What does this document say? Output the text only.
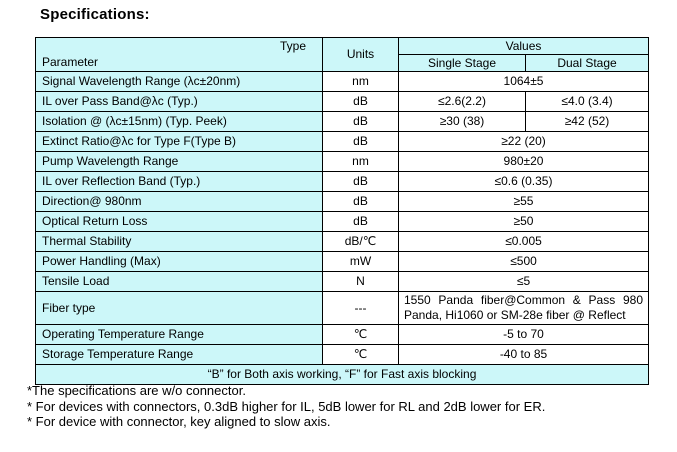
Specifications:
Type
Parameter	Units	Values	
		Single Stage	Dual Stage
Signal Wavelength Range (λc±20nm)	nm	1064±5	
IL over Pass Band@λc (Typ.)	dB	≤2.6(2.2)	≤4.0 (3.4)
Isolation @ (λc±15nm) (Typ. Peek)	dB	≥30 (38)	≥42 (52)
Extinct Ratio@λc for Type F(Type B)	dB	≥22 (20)	
Pump Wavelength Range	nm	980±20	
IL over Reflection Band (Typ.)	dB	≤0.6 (0.35)	
Direction@ 980nm	dB	≥55	
Optical Return Loss	dB	≥50	
Thermal Stability	dB/℃	≤0.005	
Power Handling (Max)	mW	≤500	
Tensile Load	N	≤5	
Fiber type	---	1550 Panda fiber@Common & Pass 980 Panda, Hi1060 or SM-28e fiber @ Reflect	
Operating Temperature Range	℃	-5 to 70	
Storage Temperature Range	℃	-40 to 85	
“B” for Both axis working, “F” for Fast axis blocking			
*The specifications are w/o connector.
* For devices with connectors, 0.3dB higher for IL, 5dB lower for RL and 2dB lower for ER.
* For device with connector, key aligned to slow axis.
